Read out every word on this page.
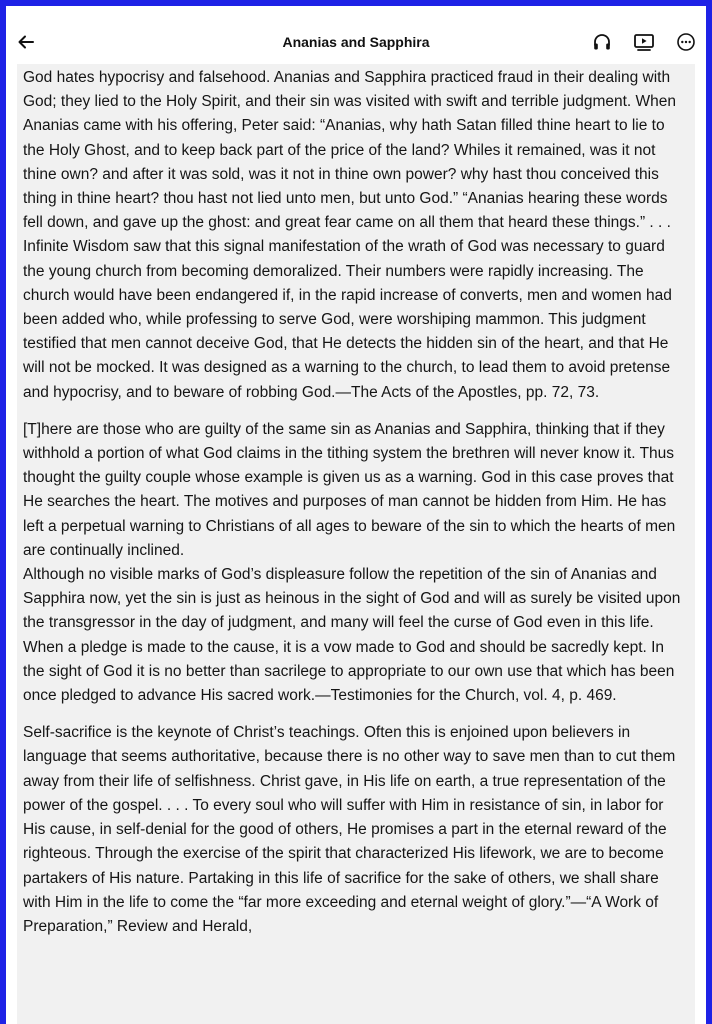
Ananias and Sapphira

God hates hypocrisy and falsehood. Ananias and Sapphira practiced fraud in their dealing with God; they lied to the Holy Spirit, and their sin was visited with swift and terrible judgment. When Ananias came with his offering, Peter said: “Ananias, why hath Satan filled thine heart to lie to the Holy Ghost, and to keep back part of the price of the land? Whiles it remained, was it not thine own? and after it was sold, was it not in thine own power? why hast thou conceived this thing in thine heart? thou hast not lied unto men, but unto God.” “Ananias hearing these words fell down, and gave up the ghost: and great fear came on all them that heard these things.” . . .

Infinite Wisdom saw that this signal manifestation of the wrath of God was necessary to guard the young church from becoming demoralized. Their numbers were rapidly increasing. The church would have been endangered if, in the rapid increase of converts, men and women had been added who, while professing to serve God, were worshiping mammon. This judgment testified that men cannot deceive God, that He detects the hidden sin of the heart, and that He will not be mocked. It was designed as a warning to the church, to lead them to avoid pretense and hypocrisy, and to beware of robbing God.—The Acts of the Apostles, pp. 72, 73.

[T]here are those who are guilty of the same sin as Ananias and Sapphira, thinking that if they withhold a portion of what God claims in the tithing system the brethren will never know it. Thus thought the guilty couple whose example is given us as a warning. God in this case proves that He searches the heart. The motives and purposes of man cannot be hidden from Him. He has left a perpetual warning to Christians of all ages to beware of the sin to which the hearts of men are continually inclined.

Although no visible marks of God’s displeasure follow the repetition of the sin of Ananias and Sapphira now, yet the sin is just as heinous in the sight of God and will as surely be visited upon the transgressor in the day of judgment, and many will feel the curse of God even in this life. When a pledge is made to the cause, it is a vow made to God and should be sacredly kept. In the sight of God it is no better than sacrilege to appropriate to our own use that which has been once pledged to advance His sacred work.—Testimonies for the Church, vol. 4, p. 469.

Self-sacrifice is the keynote of Christ’s teachings. Often this is enjoined upon believers in language that seems authoritative, because there is no other way to save men than to cut them away from their life of selfishness. Christ gave, in His life on earth, a true representation of the power of the gospel. . . . To every soul who will suffer with Him in resistance of sin, in labor for His cause, in self-denial for the good of others, He promises a part in the eternal reward of the righteous. Through the exercise of the spirit that characterized His lifework, we are to become partakers of His nature. Partaking in this life of sacrifice for the sake of others, we shall share with Him in the life to come the “far more exceeding and eternal weight of glory.”—“A Work of Preparation,” Review and Herald,
